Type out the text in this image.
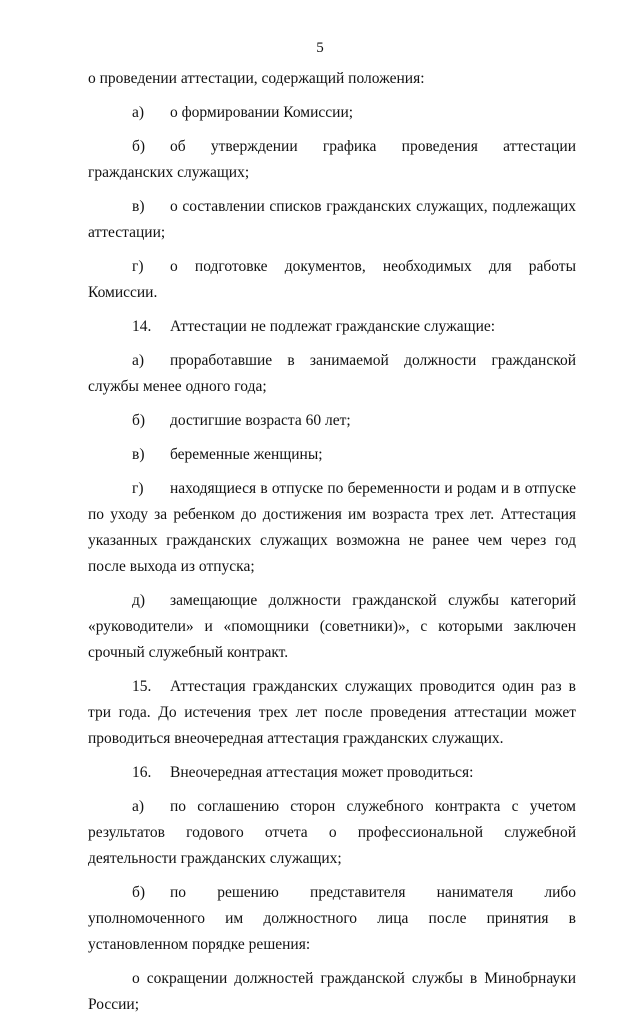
5

о проведении аттестации, содержащий положения:

а) о формировании Комиссии;

б) об утверждении графика проведения аттестации гражданских служащих;

в) о составлении списков гражданских служащих, подлежащих аттестации;

г) о подготовке документов, необходимых для работы Комиссии.

14. Аттестации не подлежат гражданские служащие:

а) проработавшие в занимаемой должности гражданской службы менее одного года;

б) достигшие возраста 60 лет;

в) беременные женщины;

г) находящиеся в отпуске по беременности и родам и в отпуске по уходу за ребенком до достижения им возраста трех лет. Аттестация указанных гражданских служащих возможна не ранее чем через год после выхода из отпуска;

д) замещающие должности гражданской службы категорий «руководители» и «помощники (советники)», с которыми заключен срочный служебный контракт.

15. Аттестация гражданских служащих проводится один раз в три года. До истечения трех лет после проведения аттестации может проводиться внеочередная аттестация гражданских служащих.

16. Внеочередная аттестация может проводиться:

а) по соглашению сторон служебного контракта с учетом результатов годового отчета о профессиональной служебной деятельности гражданских служащих;

б) по решению представителя нанимателя либо уполномоченного им должностного лица после принятия в установленном порядке решения:

о сокращении должностей гражданской службы в Минобрнауки России;
